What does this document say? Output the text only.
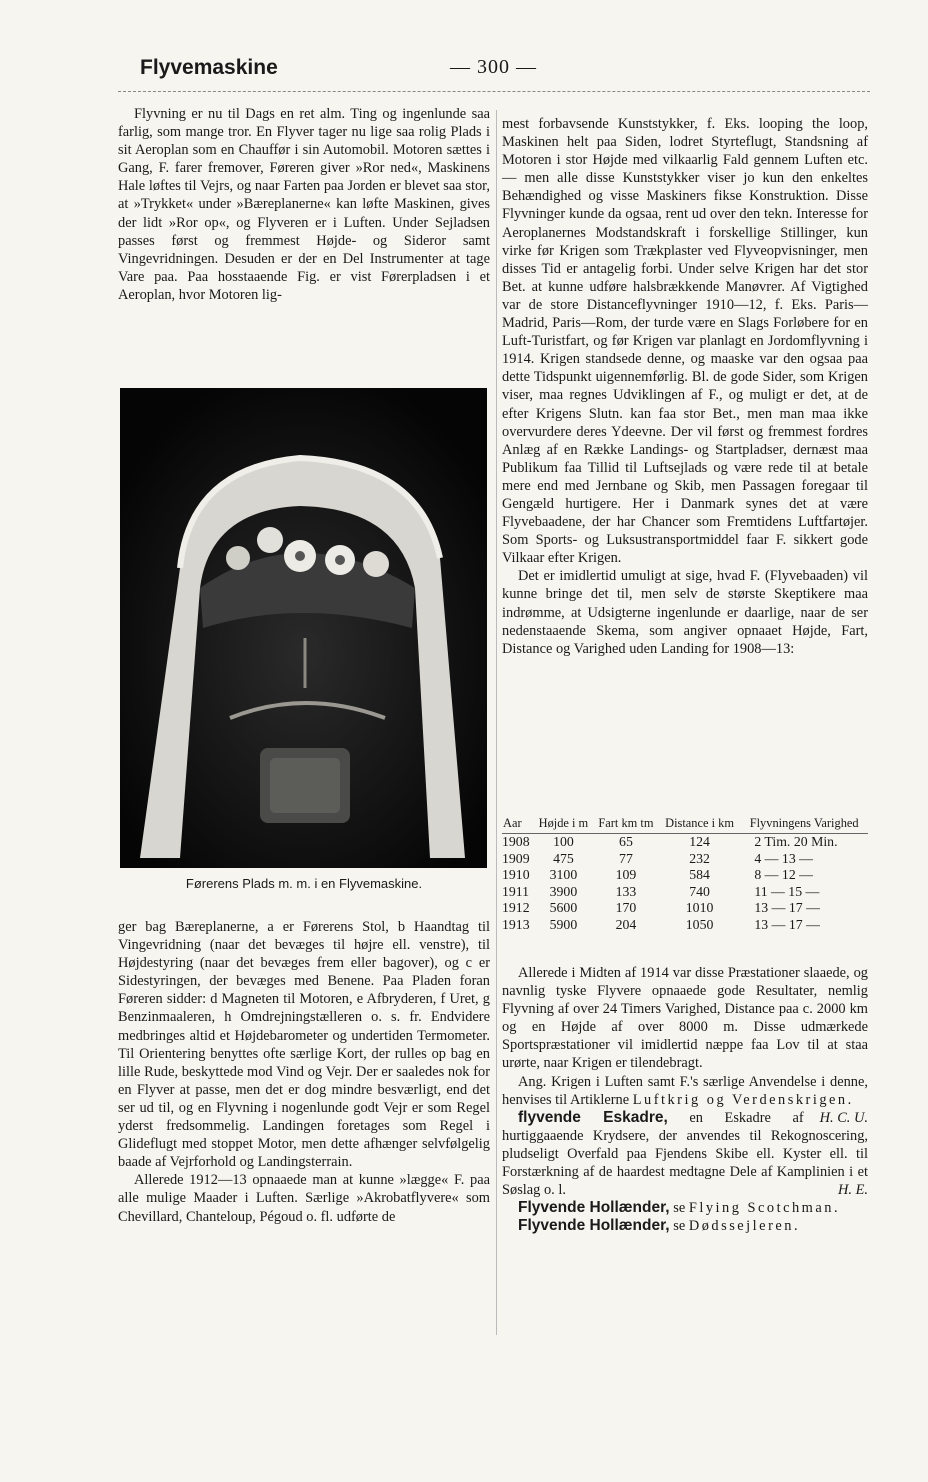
Flyvemaskine	— 300 —

Flyvning er nu til Dags en ret alm. Ting og ingenlunde saa farlig, som mange tror. En Flyver tager nu lige saa rolig Plads i sit Aeroplan som en Chauffør i sin Automobil. Motoren sættes i Gang, F. farer fremover, Føreren giver »Ror ned«, Maskinens Hale løftes til Vejrs, og naar Farten paa Jorden er blevet saa stor, at »Trykket« under »Bæreplanerne« kan løfte Maskinen, gives der lidt »Ror op«, og Flyveren er i Luften. Under Sejladsen passes først og fremmest Højde- og Sideror samt Vingevridningen. Desuden er der en Del Instrumenter at tage Vare paa. Paa hosstaaende Fig. er vist Førerpladsen i et Aeroplan, hvor Motoren lig-

Førerens Plads m. m. i en Flyvemaskine.

ger bag Bæreplanerne, a er Førerens Stol, b Haandtag til Vingevridning (naar det bevæges til højre ell. venstre), til Højdestyring (naar det bevæges frem eller bagover), og c er Sidestyringen, der bevæges med Benene. Paa Pladen foran Føreren sidder: d Magneten til Motoren, e Afbryderen, f Uret, g Benzinmaaleren, h Omdrejningstælleren o. s. fr. Endvidere medbringes altid et Højdebarometer og undertiden Termometer. Til Orientering benyttes ofte særlige Kort, der rulles op bag en lille Rude, beskyttede mod Vind og Vejr. Der er saaledes nok for en Flyver at passe, men det er dog mindre besværligt, end det ser ud til, og en Flyvning i nogenlunde godt Vejr er som Regel yderst fredsommelig. Landingen foretages som Regel i Glideflugt med stoppet Motor, men dette afhænger selvfølgelig baade af Vejrforhold og Landingsterrain.

Allerede 1912—13 opnaaede man at kunne »lægge« F. paa alle mulige Maader i Luften. Særlige »Akrobatflyvere« som Chevillard, Chanteloup, Pégoud o. fl. udførte de

mest forbavsende Kunststykker, f. Eks. looping the loop, Maskinen helt paa Siden, lodret Styrteflugt, Standsning af Motoren i stor Højde med vilkaarlig Fald gennem Luften etc. — men alle disse Kunststykker viser jo kun den enkeltes Behændighed og visse Maskiners fikse Konstruktion. Disse Flyvninger kunde da ogsaa, rent ud over den tekn. Interesse for Aeroplanernes Modstandskraft i forskellige Stillinger, kun virke før Krigen som Trækplaster ved Flyveopvisninger, men disses Tid er antagelig forbi. Under selve Krigen har det stor Bet. at kunne udføre halsbrækkende Manøvrer. Af Vigtighed var de store Distanceflyvninger 1910—12, f. Eks. Paris—Madrid, Paris—Rom, der turde være en Slags Forløbere for en Luft-Turistfart, og før Krigen var planlagt en Jordomflyvning i 1914. Krigen standsede denne, og maaske var den ogsaa paa dette Tidspunkt uigennemførlig. Bl. de gode Sider, som Krigen viser, maa regnes Udviklingen af F., og muligt er det, at de efter Krigens Slutn. kan faa stor Bet., men man maa ikke overvurdere deres Ydeevne. Der vil først og fremmest fordres Anlæg af en Række Landings- og Startpladser, dernæst maa Publikum faa Tillid til Luftsejlads og være rede til at betale mere end med Jernbane og Skib, men Passagen foregaar til Gengæld hurtigere. Her i Danmark synes det at være Flyvebaadene, der har Chancer som Fremtidens Luftfartøjer. Som Sports- og Luksustransportmiddel faar F. sikkert gode Vilkaar efter Krigen.

Det er imidlertid umuligt at sige, hvad F. (Flyvebaaden) vil kunne bringe det til, men selv de største Skeptikere maa indrømme, at Udsigterne ingenlunde er daarlige, naar de ser nedenstaaende Skema, som angiver opnaaet Højde, Fart, Distance og Varighed uden Landing for 1908—13:

Aar	Højde i m	Fart km tm	Distance i km	Flyvningens Varighed
1908	100	65	124	2 Tim. 20 Min.
1909	475	77	232	4 — 13 —
1910	3100	109	584	8 — 12 —
1911	3900	133	740	11 — 15 —
1912	5600	170	1010	13 — 17 —
1913	5900	204	1050	13 — 17 —

Allerede i Midten af 1914 var disse Præstationer slaaede, og navnlig tyske Flyvere opnaaede gode Resultater, nemlig Flyvning af over 24 Timers Varighed, Distance paa c. 2000 km og en Højde af over 8000 m. Disse udmærkede Sportspræstationer vil imidlertid næppe faa Lov til at staa urørte, naar Krigen er tilendebragt.

Ang. Krigen i Luften samt F.'s særlige Anvendelse i denne, henvises til Artiklerne Luftkrig og Verdenskrigen.
H. C. U.

flyvende Eskadre, en Eskadre af hurtiggaaende Krydsere, der anvendes til Rekognoscering, pludseligt Overfald paa Fjendens Skibe ell. Kyster ell. til Forstærkning af de haardest medtagne Dele af Kamplinien i et Søslag o. l.	H. E.

Flyvende Hollænder, se Flying Scotchman.

Flyvende Hollænder, se Dødssejleren.
